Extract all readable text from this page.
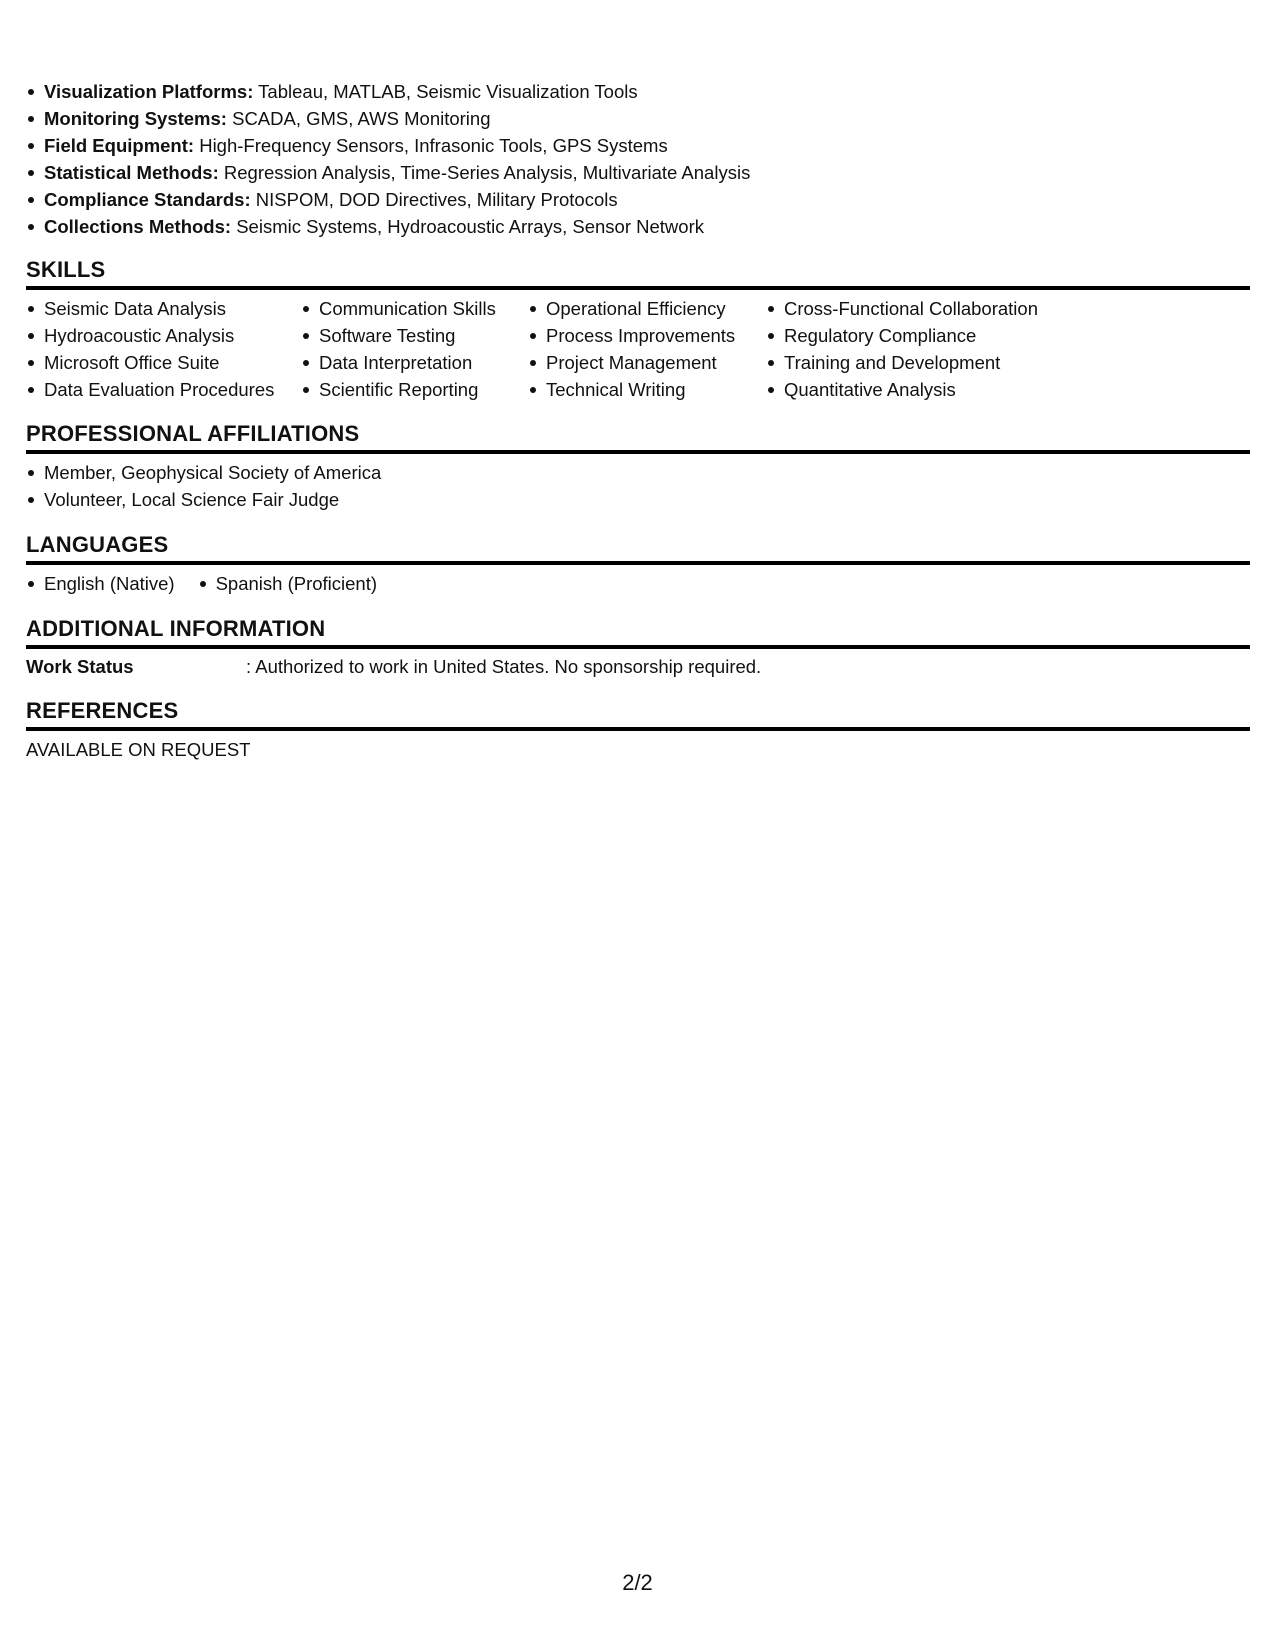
Visualization Platforms: Tableau, MATLAB, Seismic Visualization Tools
Monitoring Systems: SCADA, GMS, AWS Monitoring
Field Equipment: High-Frequency Sensors, Infrasonic Tools, GPS Systems
Statistical Methods: Regression Analysis, Time-Series Analysis, Multivariate Analysis
Compliance Standards: NISPOM, DOD Directives, Military Protocols
Collections Methods: Seismic Systems, Hydroacoustic Arrays, Sensor Network
SKILLS
Seismic Data Analysis
Hydroacoustic Analysis
Microsoft Office Suite
Data Evaluation Procedures
Communication Skills
Software Testing
Data Interpretation
Scientific Reporting
Operational Efficiency
Process Improvements
Project Management
Technical Writing
Cross-Functional Collaboration
Regulatory Compliance
Training and Development
Quantitative Analysis
PROFESSIONAL AFFILIATIONS
Member, Geophysical Society of America
Volunteer, Local Science Fair Judge
LANGUAGES
English (Native)	Spanish (Proficient)
ADDITIONAL INFORMATION
Work Status	: Authorized to work in United States. No sponsorship required.
REFERENCES
AVAILABLE ON REQUEST
2/2
